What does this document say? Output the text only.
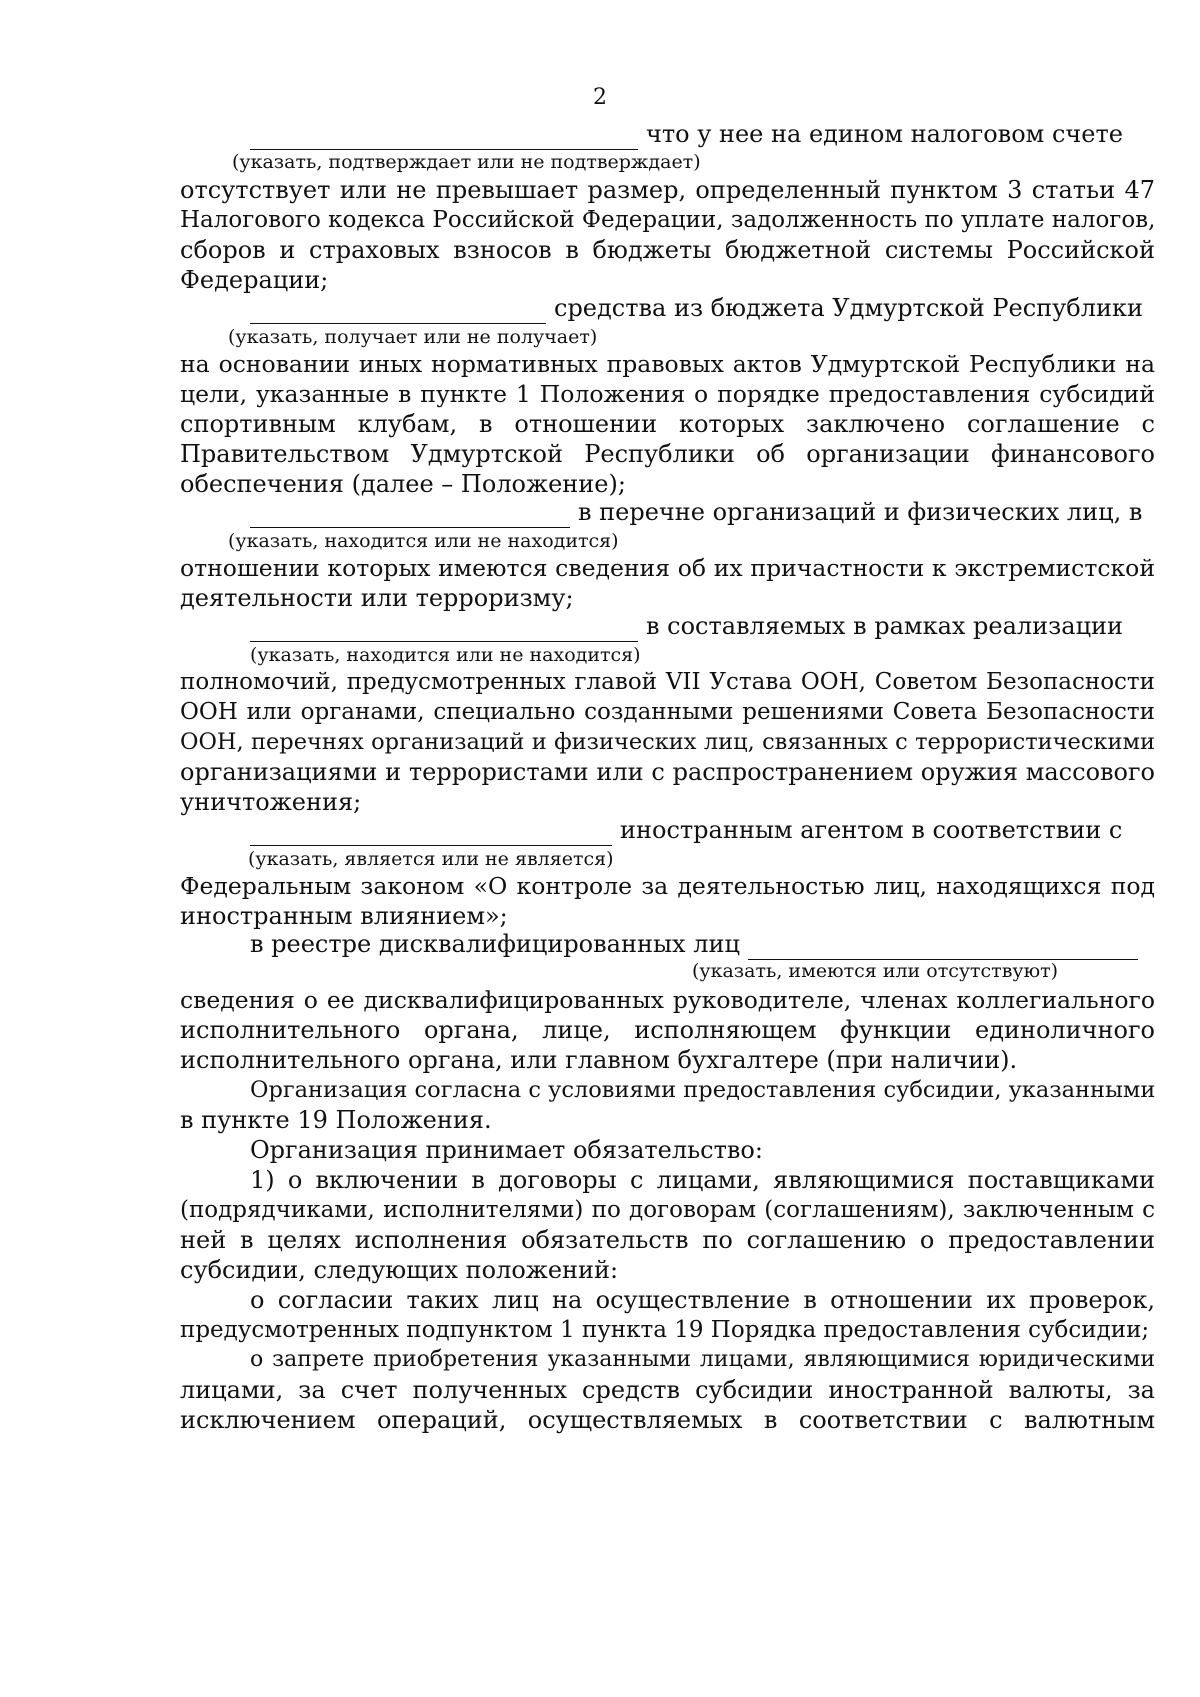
2
что у нее на едином налоговом счете
(указать, подтверждает или не подтверждает)
отсутствует или не превышает размер, определенный пунктом 3 статьи 47
Налогового кодекса Российской Федерации, задолженность по уплате налогов,
сборов и страховых взносов в бюджеты бюджетной системы Российской
Федерации;
средства из бюджета Удмуртской Республики
(указать, получает или не получает)
на основании иных нормативных правовых актов Удмуртской Республики на
цели, указанные в пункте 1 Положения о порядке предоставления субсидий
спортивным клубам, в отношении которых заключено соглашение с
Правительством Удмуртской Республики об организации финансового
обеспечения (далее – Положение);
в перечне организаций и физических лиц, в
(указать, находится или не находится)
отношении которых имеются сведения об их причастности к экстремистской
деятельности или терроризму;
в составляемых в рамках реализации
(указать, находится или не находится)
полномочий, предусмотренных главой VII Устава ООН, Советом Безопасности
ООН или органами, специально созданными решениями Совета Безопасности
ООН, перечнях организаций и физических лиц, связанных с террористическими
организациями и террористами или с распространением оружия массового
уничтожения;
иностранным агентом в соответствии с
(указать, является или не является)
Федеральным законом «О контроле за деятельностью лиц, находящихся под
иностранным влиянием»;
в реестре дисквалифицированных лиц
(указать, имеются или отсутствуют)
сведения о ее дисквалифицированных руководителе, членах коллегиального
исполнительного органа, лице, исполняющем функции единоличного
исполнительного органа, или главном бухгалтере (при наличии).
Организация согласна с условиями предоставления субсидии, указанными
в пункте 19 Положения.
Организация принимает обязательство:
1) о включении в договоры с лицами, являющимися поставщиками
(подрядчиками, исполнителями) по договорам (соглашениям), заключенным с
ней в целях исполнения обязательств по соглашению о предоставлении
субсидии, следующих положений:
о согласии таких лиц на осуществление в отношении их проверок,
предусмотренных подпунктом 1 пункта 19 Порядка предоставления субсидии;
о запрете приобретения указанными лицами, являющимися юридическими
лицами, за счет полученных средств субсидии иностранной валюты, за
исключением операций, осуществляемых в соответствии с валютным
